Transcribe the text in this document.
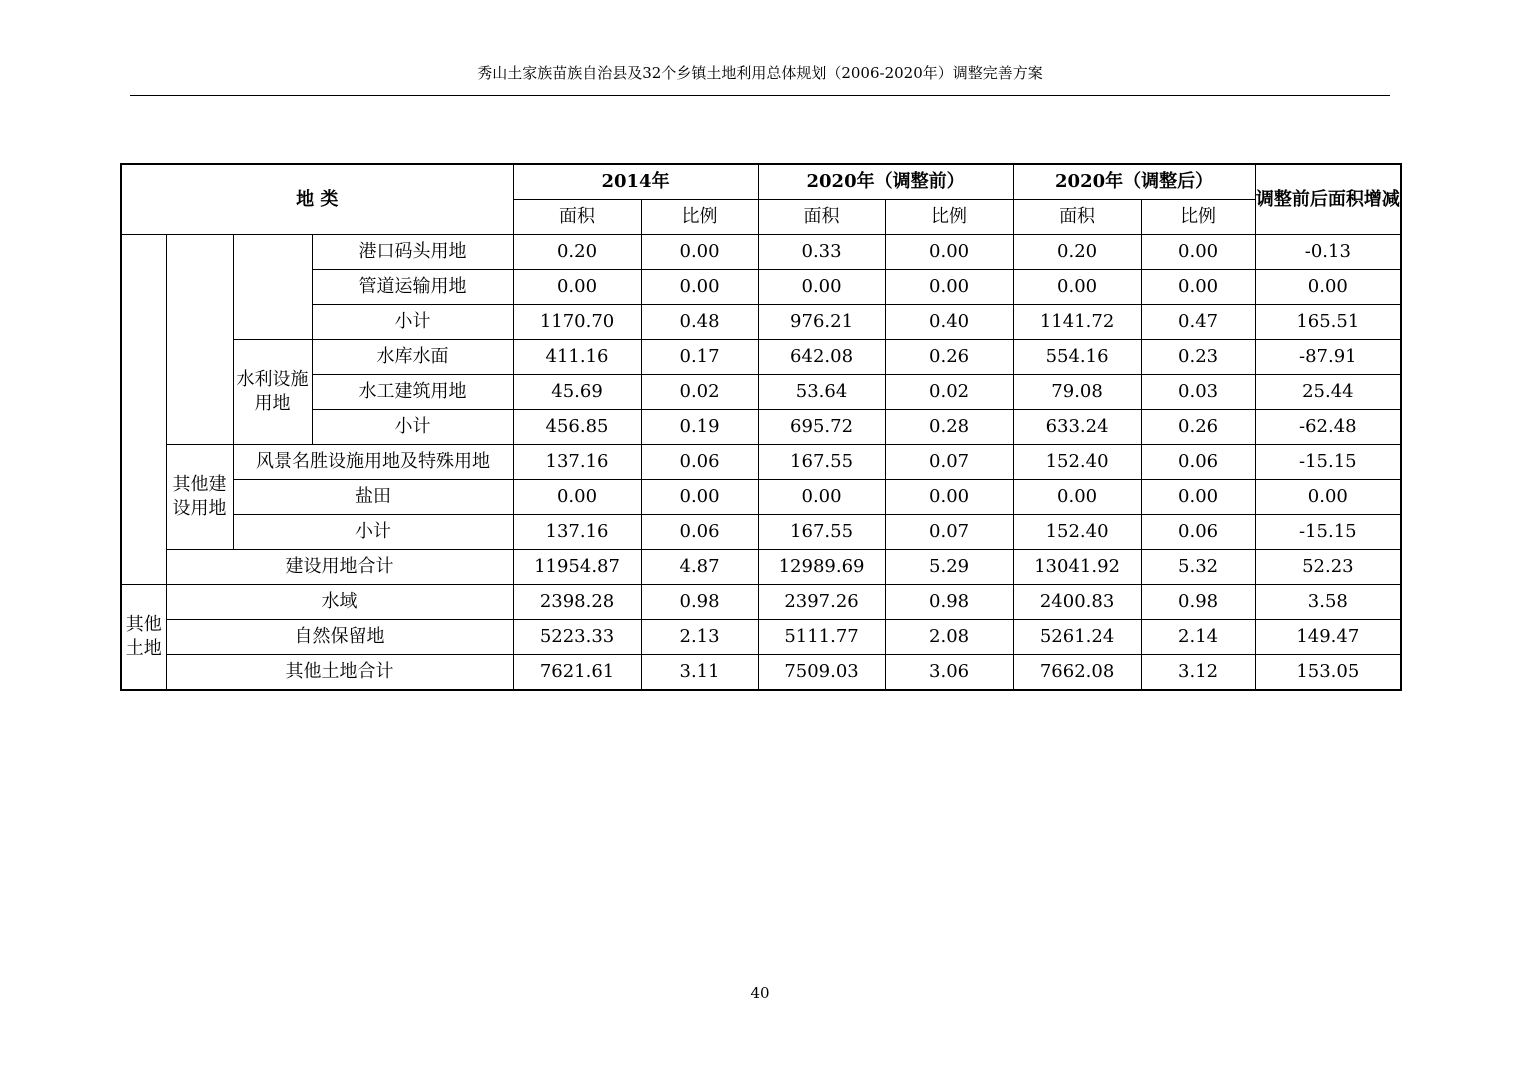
秀山土家族苗族自治县及32个乡镇土地利用总体规划（2006-2020年）调整完善方案
地 类				2014年		2020年（调整前）		2020年（调整后）		调整前后面积增减
				面积	比例	面积	比例	面积	比例	
			港口码头用地	0.20	0.00	0.33	0.00	0.20	0.00	-0.13
			管道运输用地	0.00	0.00	0.00	0.00	0.00	0.00	0.00
			小计	1170.70	0.48	976.21	0.40	1141.72	0.47	165.51
		水利设施用地	水库水面	411.16	0.17	642.08	0.26	554.16	0.23	-87.91
			水工建筑用地	45.69	0.02	53.64	0.02	79.08	0.03	25.44
			小计	456.85	0.19	695.72	0.28	633.24	0.26	-62.48
	其他建设用地	风景名胜设施用地及特殊用地		137.16	0.06	167.55	0.07	152.40	0.06	-15.15
		盐田		0.00	0.00	0.00	0.00	0.00	0.00	0.00
		小计		137.16	0.06	167.55	0.07	152.40	0.06	-15.15
	建设用地合计			11954.87	4.87	12989.69	5.29	13041.92	5.32	52.23
其他土地	水域			2398.28	0.98	2397.26	0.98	2400.83	0.98	3.58
	自然保留地			5223.33	2.13	5111.77	2.08	5261.24	2.14	149.47
	其他土地合计			7621.61	3.11	7509.03	3.06	7662.08	3.12	153.05
40
